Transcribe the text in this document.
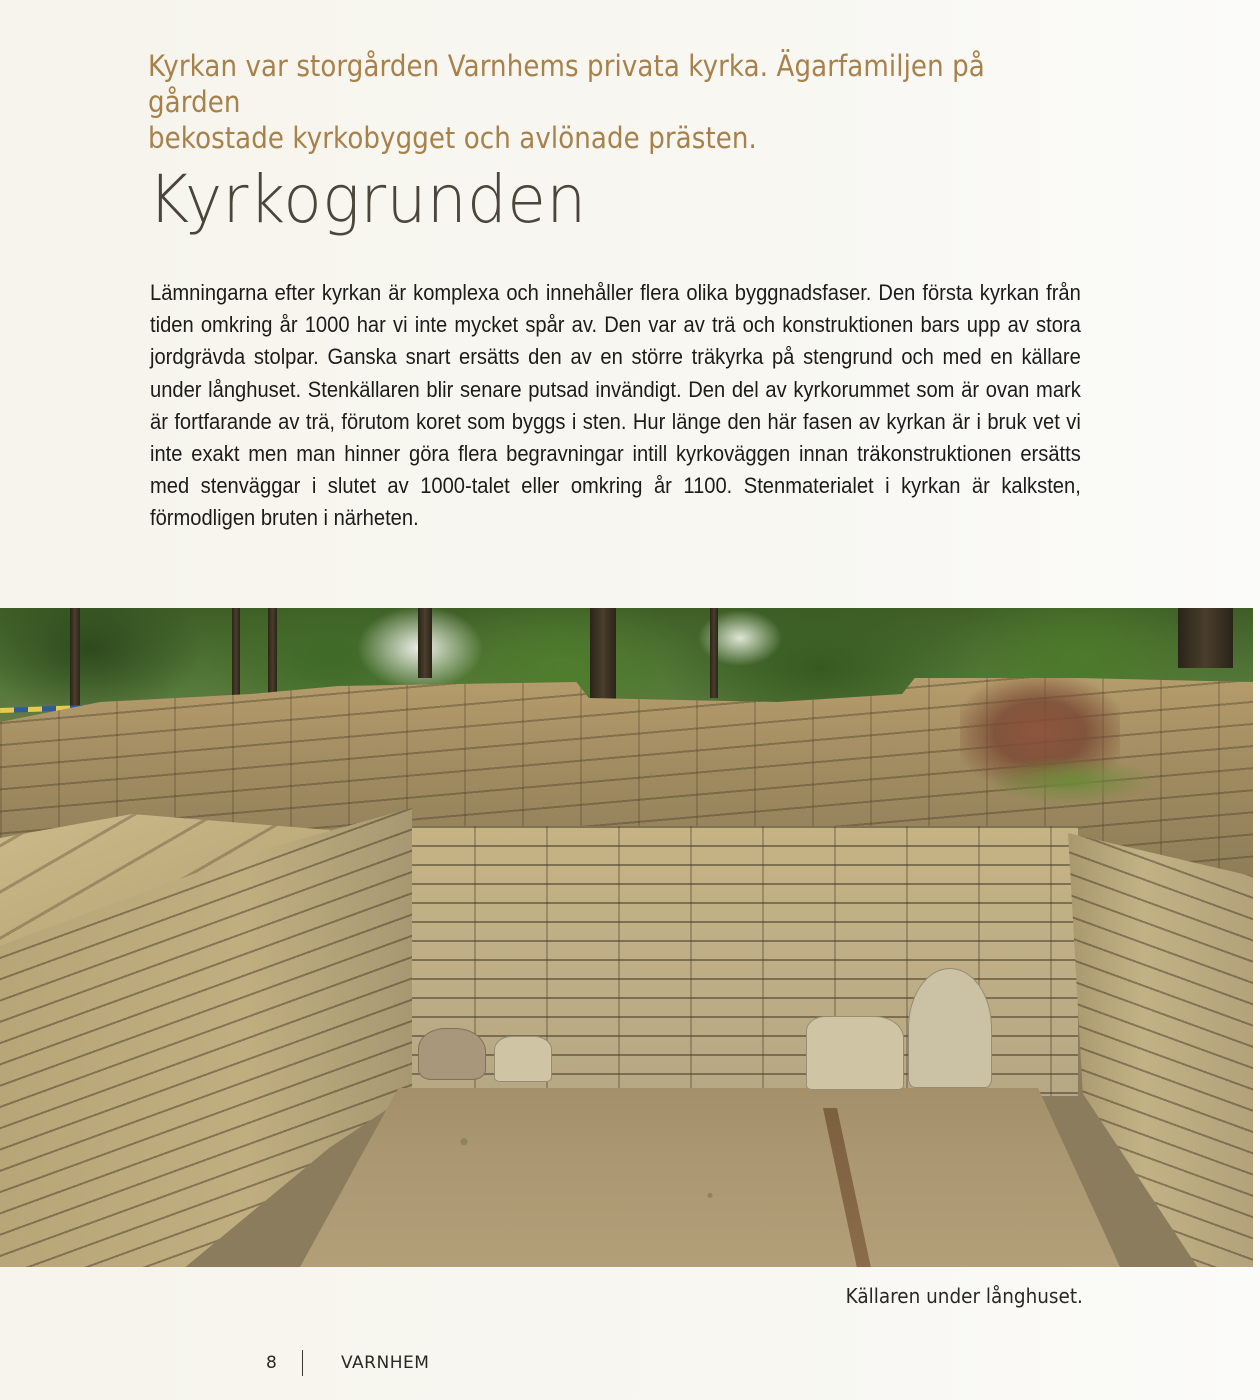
Kyrkan var storgården Varnhems privata kyrka. Ägarfamiljen på gården

bekostade kyrkobygget och avlönade prästen.

Kyrkogrunden

Lämningarna efter kyrkan är komplexa och innehåller flera olika byggnadsfaser. Den första kyrkan från tiden omkring år 1000 har vi inte mycket spår av. Den var av trä och konstruktionen bars upp av stora jordgrävda stolpar. Ganska snart ersätts den av en större träkyrka på stengrund och med en källare under långhuset. Stenkällaren blir senare putsad invändigt. Den del av kyrkorummet som är ovan mark är fortfarande av trä, förutom koret som byggs i sten. Hur länge den här fasen av kyrkan är i bruk vet vi inte exakt men man hinner göra flera begravningar intill kyrkoväggen innan träkonstruktionen ersätts med stenväggar i slutet av 1000-talet eller omkring år 1100. Stenmaterialet i kyrkan är kalksten, förmodligen bruten i närheten.

Källaren under långhuset.
8	VARNHEM
